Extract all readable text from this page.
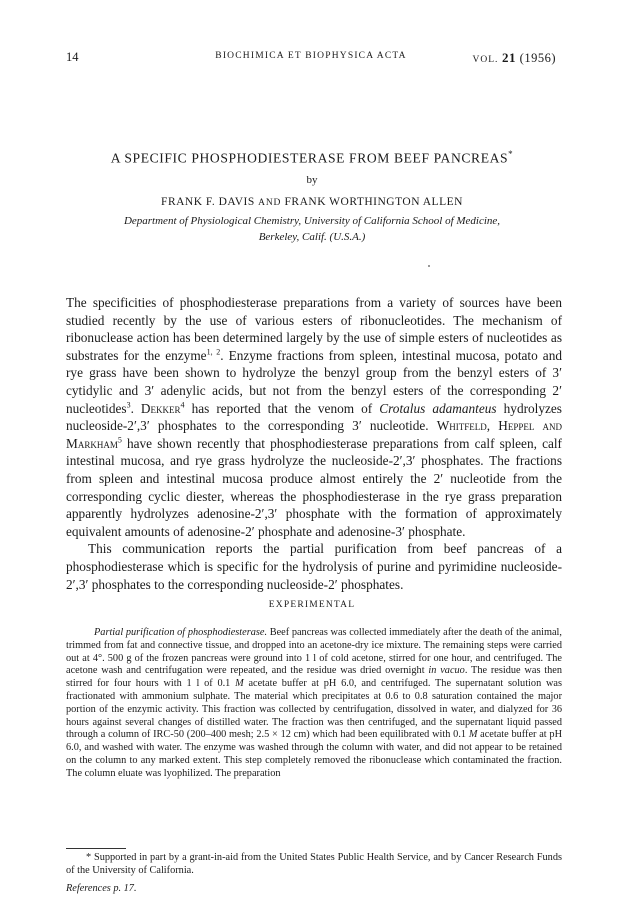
14	BIOCHIMICA ET BIOPHYSICA ACTA	VOL. 21 (1956)
A SPECIFIC PHOSPHODIESTERASE FROM BEEF PANCREAS*
by
FRANK F. DAVIS AND FRANK WORTHINGTON ALLEN
Department of Physiological Chemistry, University of California School of Medicine,
Berkeley, Calif. (U.S.A.)

The specificities of phosphodiesterase preparations from a variety of sources have been studied recently by the use of various esters of ribonucleotides. The mechanism of ribonuclease action has been determined largely by the use of simple esters of nucleotides as substrates for the enzyme$^{1, 2}$. Enzyme fractions from spleen, intestinal mucosa, potato and rye grass have been shown to hydrolyze the benzyl group from the benzyl esters of 3′ cytidylic and 3′ adenylic acids, but not from the benzyl esters of the corresponding 2′ nucleotides$^3$. Dekker$^4$ has reported that the venom of Crotalus adamanteus hydrolyzes nucleoside-2′,3′ phosphates to the corresponding 3′ nucleotide. Whitfeld, Heppel and Markham$^5$ have shown recently that phosphodiesterase preparations from calf spleen, calf intestinal mucosa, and rye grass hydrolyze the nucleoside-2′,3′ phosphates. The fractions from spleen and intestinal mucosa produce almost entirely the 2′ nucleotide from the corresponding cyclic diester, whereas the phosphodiesterase in the rye grass preparation apparently hydrolyzes adenosine-2′,3′ phosphate with the formation of approximately equivalent amounts of adenosine-2′ phosphate and adenosine-3′ phosphate.

This communication reports the partial purification from beef pancreas of a phosphodiesterase which is specific for the hydrolysis of purine and pyrimidine nucleoside-2′,3′ phosphates to the corresponding nucleoside-2′ phosphates.

EXPERIMENTAL

Partial purification of phosphodiesterase. Beef pancreas was collected immediately after the death of the animal, trimmed from fat and connective tissue, and dropped into an acetone-dry ice mixture. The remaining steps were carried out at 4°. 500 g of the frozen pancreas were ground into 1 l of cold acetone, stirred for one hour, and centrifuged. The acetone wash and centrifugation were repeated, and the residue was dried overnight in vacuo. The residue was then stirred for four hours with 1 l of 0.1 M acetate buffer at pH 6.0, and centrifuged. The supernatant solution was fractionated with ammonium sulphate. The material which precipitates at 0.6 to 0.8 saturation contained the major portion of the enzymic activity. This fraction was collected by centrifugation, dissolved in water, and dialyzed for 36 hours against several changes of distilled water. The fraction was then centrifuged, and the supernatant liquid passed through a column of IRC-50 (200–400 mesh; 2.5 × 12 cm) which had been equilibrated with 0.1 M acetate buffer at pH 6.0, and washed with water. The enzyme was washed through the column with water, and did not appear to be retained on the column to any marked extent. This step completely removed the ribonuclease which contaminated the fraction. The column eluate was lyophilized. The preparation

* Supported in part by a grant-in-aid from the United States Public Health Service, and by Cancer Research Funds of the University of California.

References p. 17.
